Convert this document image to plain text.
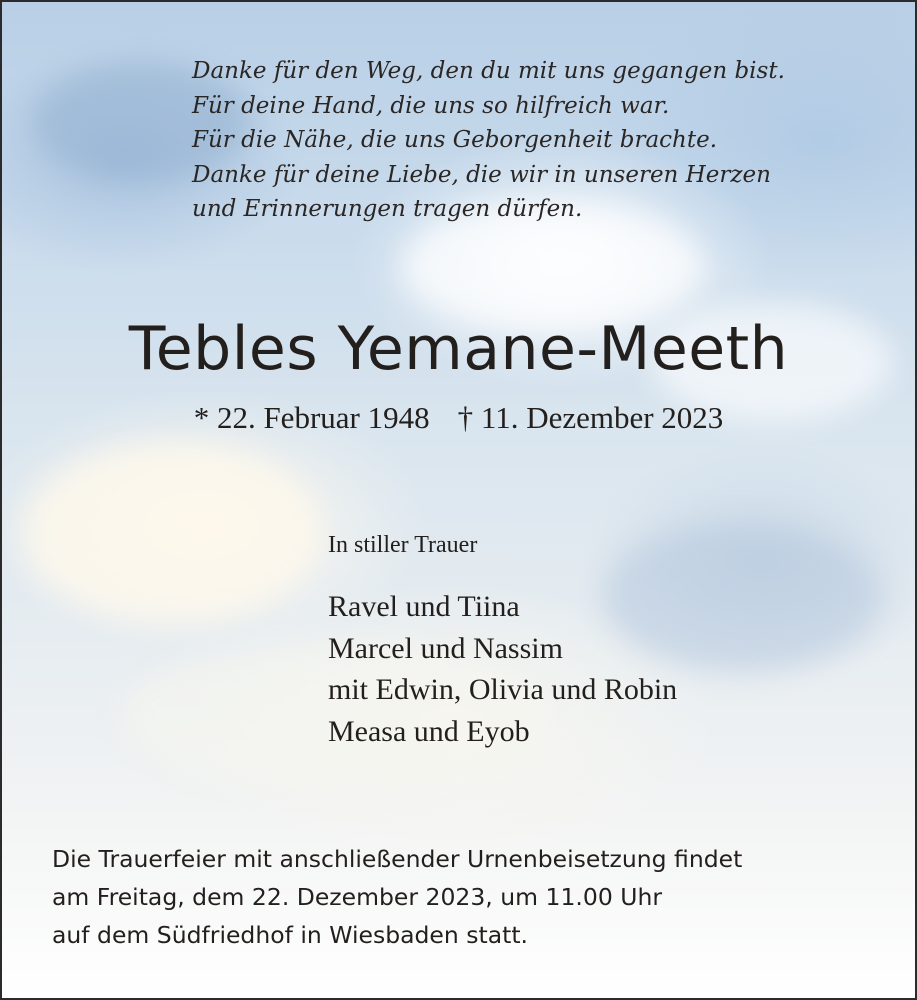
Danke für den Weg, den du mit uns gegangen bist.
Für deine Hand, die uns so hilfreich war.
Für die Nähe, die uns Geborgenheit brachte.
Danke für deine Liebe, die wir in unseren Herzen
und Erinnerungen tragen dürfen.

Tebles Yemane-Meeth
* 22. Februar 1948 † 11. Dezember 2023
In stiller Trauer
Ravel und Tiina
Marcel und Nassim
mit Edwin, Olivia und Robin
Measa und Eyob

Die Trauerfeier mit anschließender Urnenbeisetzung findet
am Freitag, dem 22. Dezember 2023, um 11.00 Uhr
auf dem Südfriedhof in Wiesbaden statt.
